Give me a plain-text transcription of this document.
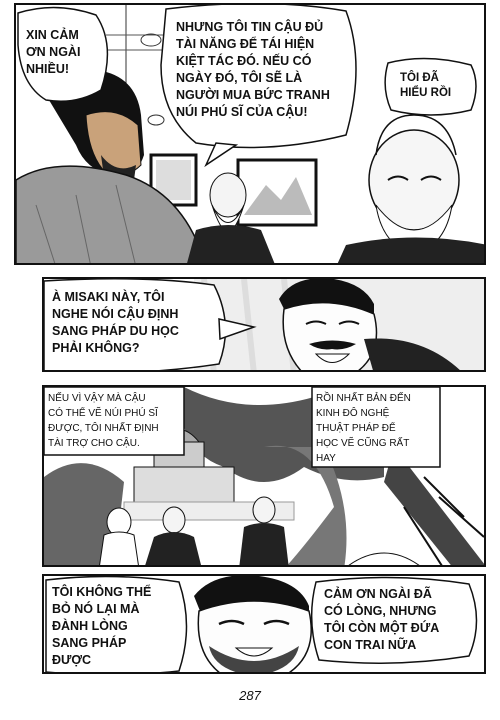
XIN CẢM
ƠN NGÀI
NHIỀU!
NHƯNG TÔI TIN CẬU ĐỦ
TÀI NĂNG ĐỂ TÁI HIỆN
KIỆT TÁC ĐÓ. NẾU CÓ
NGÀY ĐÓ, TÔI SẼ LÀ
NGƯỜI MUA BỨC TRANH
NÚI PHÚ SĨ CỦA CẬU!
TÔI ĐÃ
HIỂU RỒI
À MISAKI NÀY, TÔI
NGHE NÓI CẬU ĐỊNH
SANG PHÁP DU HỌC
PHẢI KHÔNG?
NẾU VÌ VẬY MÀ CẬU
CÓ THỂ VẼ NÚI PHÚ SĨ
ĐƯỢC, TÔI NHẤT ĐỊNH
TÀI TRỢ CHO CẬU.
RỒI NHẤT BẢN ĐẾN
KINH ĐÔ NGHỆ
THUẬT PHÁP ĐỂ
HỌC VẼ CŨNG RẤT
HAY
TÔI KHÔNG THỂ
BỎ NÓ LẠI MÀ
ĐÀNH LÒNG
SANG PHÁP
ĐƯỢC
CẢM ƠN NGÀI ĐÃ
CÓ LÒNG, NHƯNG
TÔI CÒN MỘT ĐỨA
CON TRAI NỮA
287
